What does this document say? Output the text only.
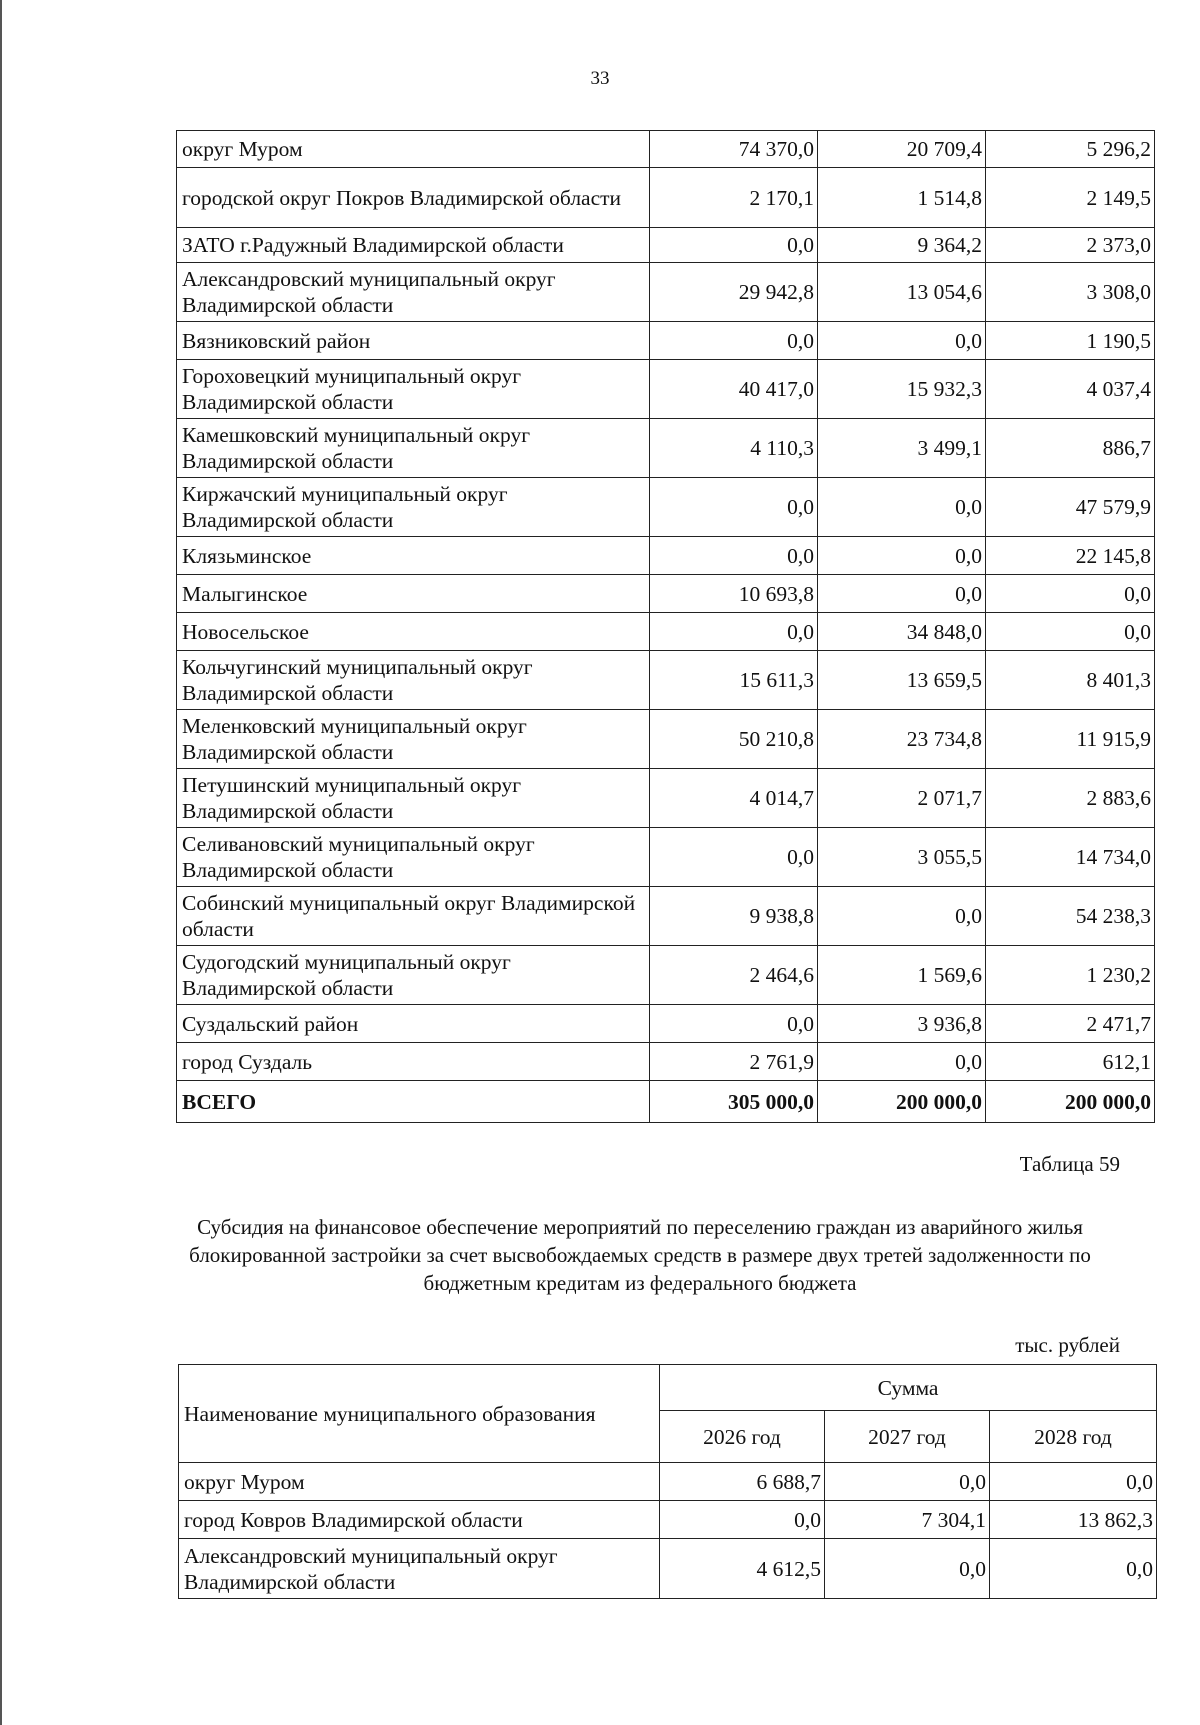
33
округ Муром	74 370,0	20 709,4	5 296,2
городской округ Покров Владимирской области	2 170,1	1 514,8	2 149,5
ЗАТО г.Радужный Владимирской области	0,0	9 364,2	2 373,0
Александровский муниципальный округ Владимирской области	29 942,8	13 054,6	3 308,0
Вязниковский район	0,0	0,0	1 190,5
Гороховецкий муниципальный округ Владимирской области	40 417,0	15 932,3	4 037,4
Камешковский муниципальный округ Владимирской области	4 110,3	3 499,1	886,7
Киржачский муниципальный округ Владимирской области	0,0	0,0	47 579,9
Клязьминское	0,0	0,0	22 145,8
Малыгинское	10 693,8	0,0	0,0
Новосельское	0,0	34 848,0	0,0
Кольчугинский муниципальный округ Владимирской области	15 611,3	13 659,5	8 401,3
Меленковский муниципальный округ Владимирской области	50 210,8	23 734,8	11 915,9
Петушинский муниципальный округ Владимирской области	4 014,7	2 071,7	2 883,6
Селивановский муниципальный округ Владимирской области	0,0	3 055,5	14 734,0
Собинский муниципальный округ Владимирской области	9 938,8	0,0	54 238,3
Судогодский муниципальный округ Владимирской области	2 464,6	1 569,6	1 230,2
Суздальский район	0,0	3 936,8	2 471,7
город Суздаль	2 761,9	0,0	612,1
ВСЕГО	305 000,0	200 000,0	200 000,0
Таблица 59
Субсидия на финансовое обеспечение мероприятий по переселению граждан из аварийного жилья блокированной застройки за счет высвобождаемых средств в размере двух третей задолженности по бюджетным кредитам из федерального бюджета
тыс. рублей
Наименование муниципального образования	Сумма		
	2026 год	2027 год	2028 год
округ Муром	6 688,7	0,0	0,0
город Ковров Владимирской области	0,0	7 304,1	13 862,3
Александровский муниципальный округ Владимирской области	4 612,5	0,0	0,0
